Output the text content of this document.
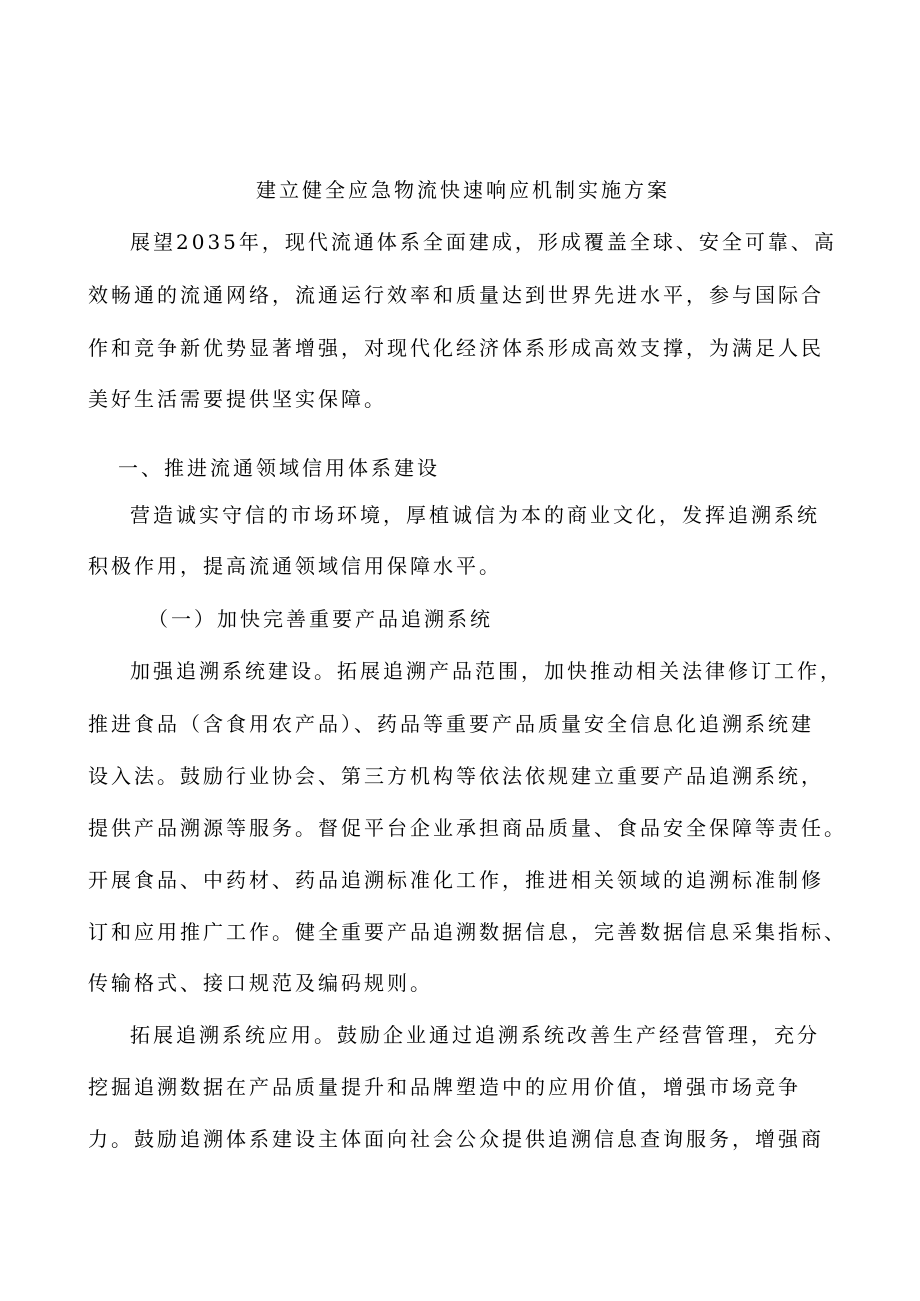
建立健全应急物流快速响应机制实施方案

展望2035年，现代流通体系全面建成，形成覆盖全球、安全可靠、高

效畅通的流通网络，流通运行效率和质量达到世界先进水平，参与国际合

作和竞争新优势显著增强，对现代化经济体系形成高效支撑，为满足人民

美好生活需要提供坚实保障。

一、推进流通领域信用体系建设

营造诚实守信的市场环境，厚植诚信为本的商业文化，发挥追溯系统

积极作用，提高流通领域信用保障水平。

（一）加快完善重要产品追溯系统

加强追溯系统建设。拓展追溯产品范围，加快推动相关法律修订工作，

推进食品（含食用农产品）、药品等重要产品质量安全信息化追溯系统建

设入法。鼓励行业协会、第三方机构等依法依规建立重要产品追溯系统，

提供产品溯源等服务。督促平台企业承担商品质量、食品安全保障等责任。

开展食品、中药材、药品追溯标准化工作，推进相关领域的追溯标准制修

订和应用推广工作。健全重要产品追溯数据信息，完善数据信息采集指标、

传输格式、接口规范及编码规则。

拓展追溯系统应用。鼓励企业通过追溯系统改善生产经营管理，充分

挖掘追溯数据在产品质量提升和品牌塑造中的应用价值，增强市场竞争

力。鼓励追溯体系建设主体面向社会公众提供追溯信息查询服务，增强商
